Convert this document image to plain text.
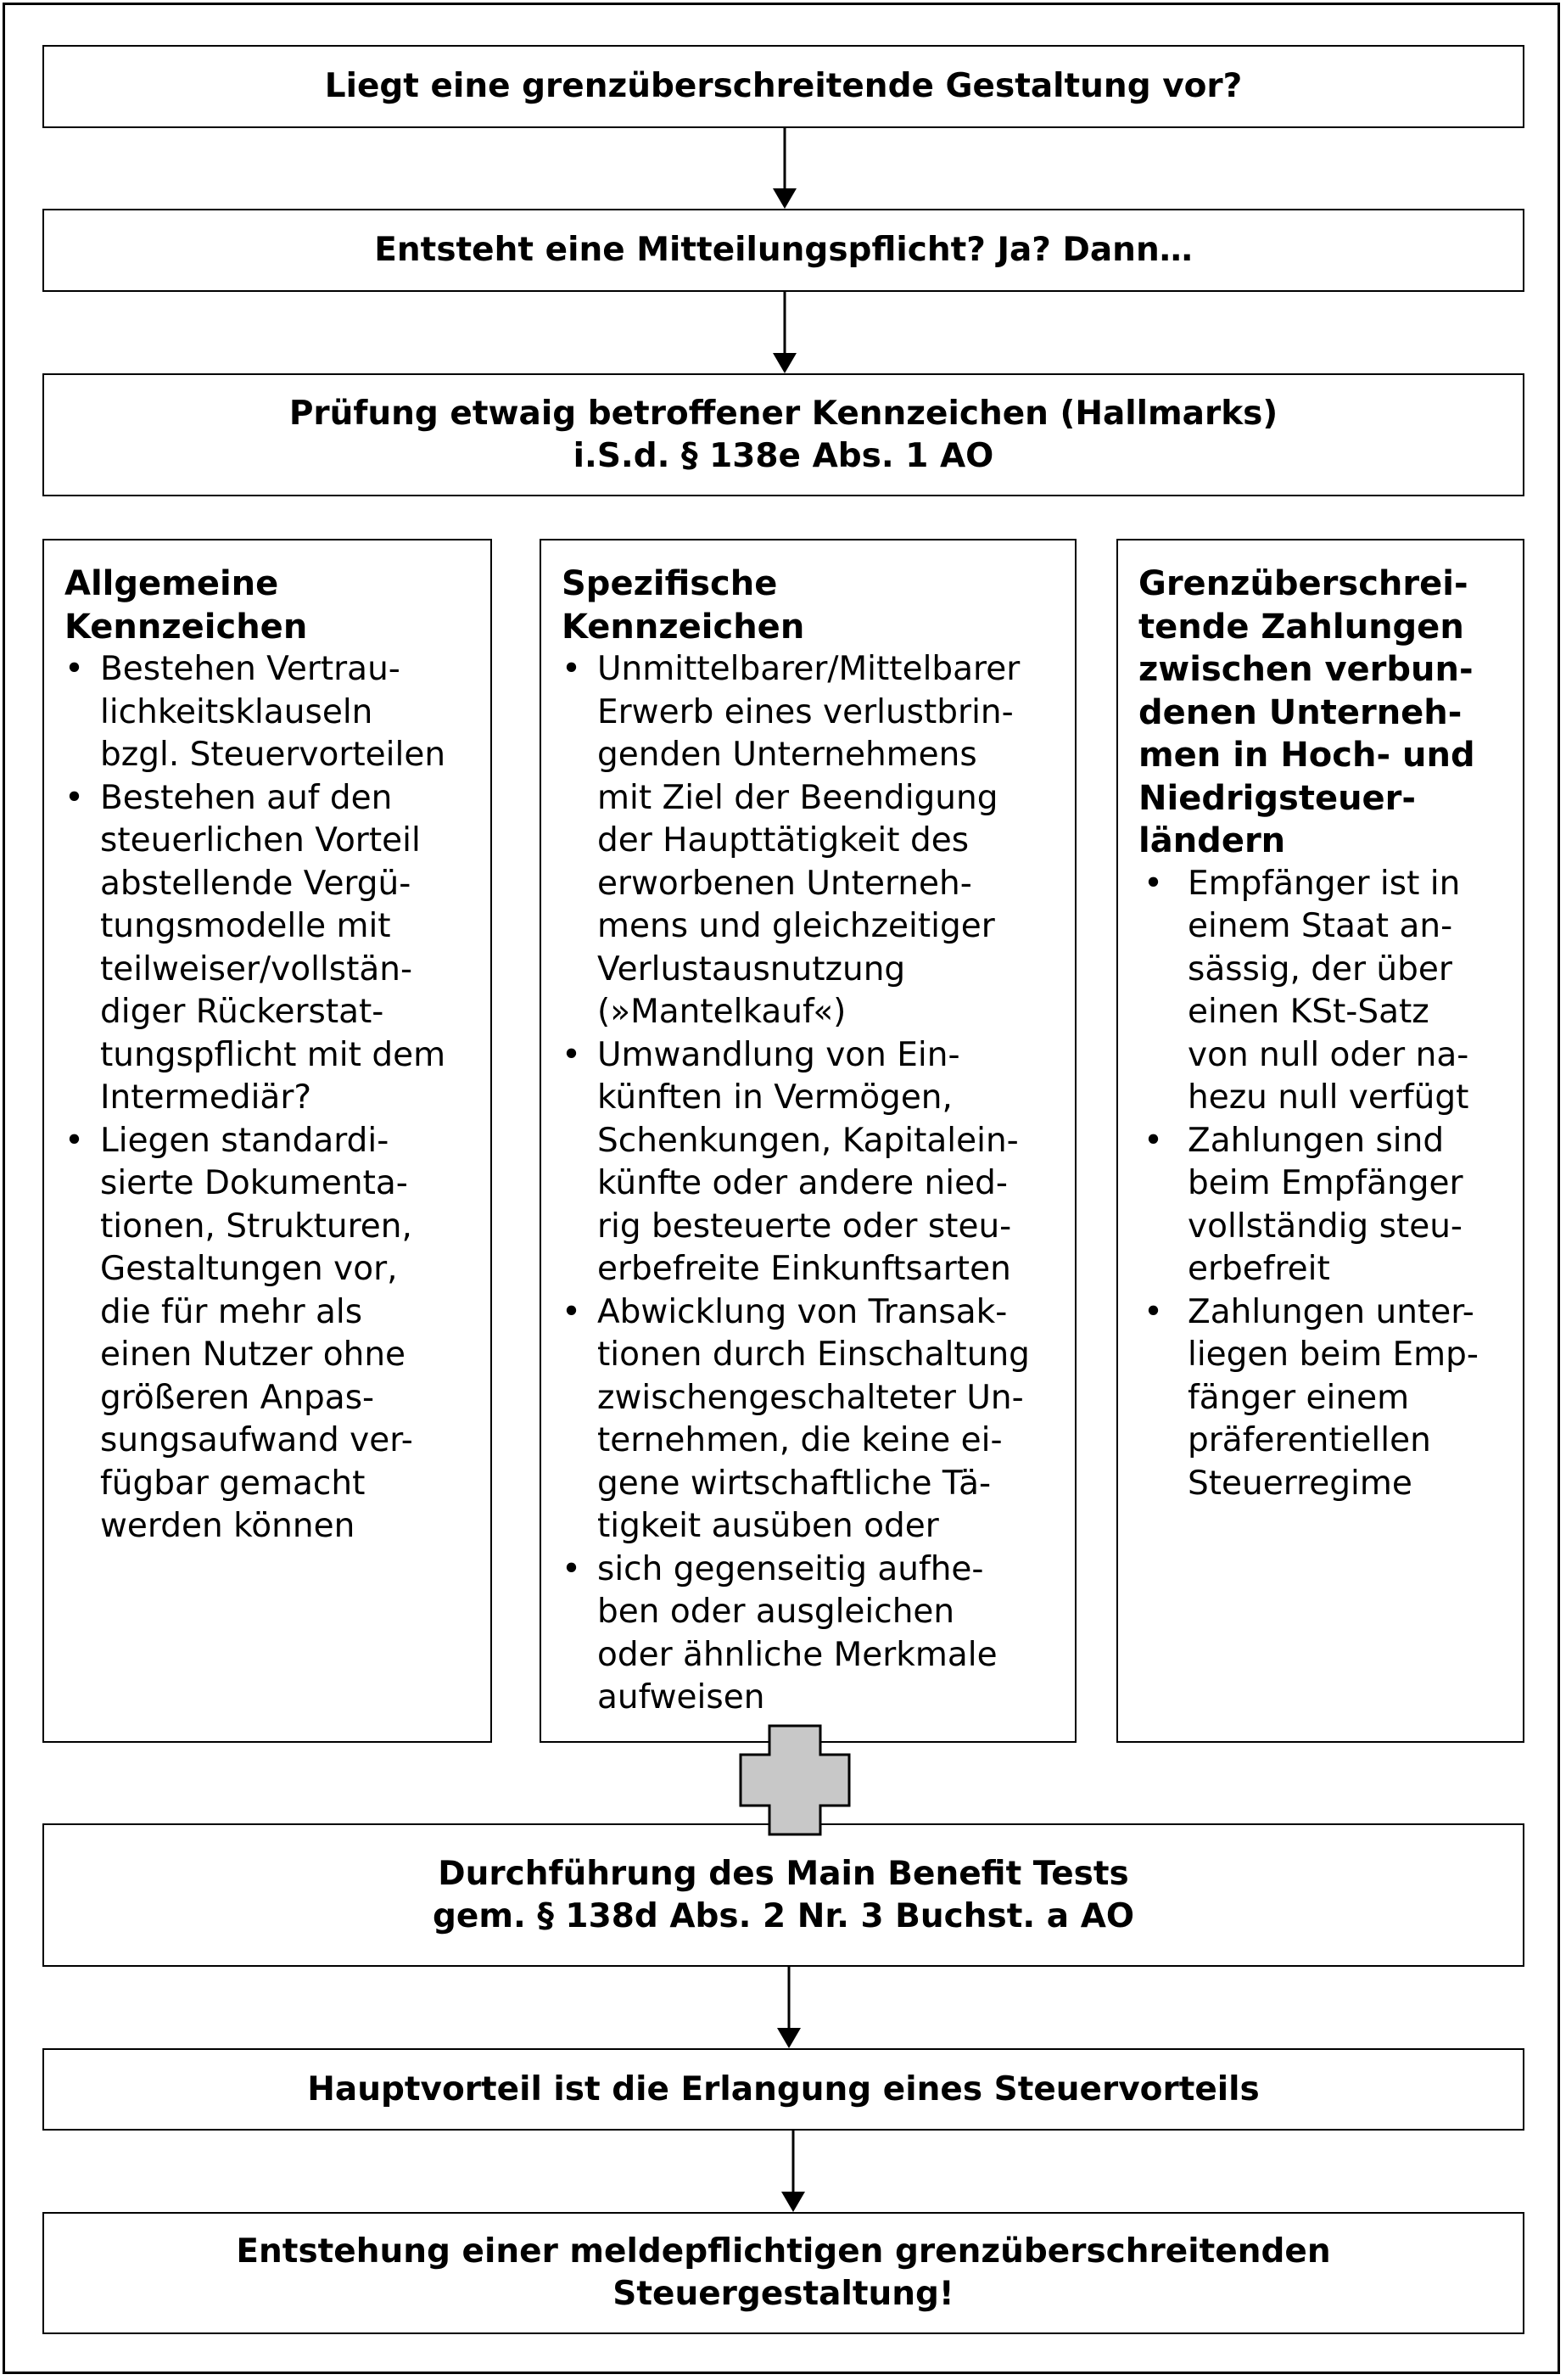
Liegt eine grenzüberschreitende Gestaltung vor?
Entsteht eine Mitteilungspflicht? Ja? Dann…
Prüfung etwaig betroffener Kennzeichen (Hallmarks)
i.S.d. § 138e Abs. 1 AO
Allgemeine
Kennzeichen
• Bestehen Vertrau-
lichkeitsklauseln
bzgl. Steuervorteilen
• Bestehen auf den
steuerlichen Vorteil
abstellende Vergü-
tungsmodelle mit
teilweiser/vollstän-
diger Rückerstat-
tungspflicht mit dem
Intermediär?
• Liegen standardi-
sierte Dokumenta-
tionen, Strukturen,
Gestaltungen vor,
die für mehr als
einen Nutzer ohne
größeren Anpas-
sungsaufwand ver-
fügbar gemacht
werden können
Spezifische
Kennzeichen
• Unmittelbarer/Mittelbarer
Erwerb eines verlustbrin-
genden Unternehmens
mit Ziel der Beendigung
der Haupttätigkeit des
erworbenen Unterneh-
mens und gleichzeitiger
Verlustausnutzung
(»Mantelkauf«)
• Umwandlung von Ein-
künften in Vermögen,
Schenkungen, Kapitalein-
künfte oder andere nied-
rig besteuerte oder steu-
erbefreite Einkunftsarten
• Abwicklung von Transak-
tionen durch Einschaltung
zwischengeschalteter Un-
ternehmen, die keine ei-
gene wirtschaftliche Tä-
tigkeit ausüben oder
• sich gegenseitig aufhe-
ben oder ausgleichen
oder ähnliche Merkmale
aufweisen
Grenzüberschrei-
tende Zahlungen
zwischen verbun-
denen Unterneh-
men in Hoch- und
Niedrigsteuer-
ländern
• Empfänger ist in
einem Staat an-
sässig, der über
einen KSt-Satz
von null oder na-
hezu null verfügt
• Zahlungen sind
beim Empfänger
vollständig steu-
erbefreit
• Zahlungen unter-
liegen beim Emp-
fänger einem
präferentiellen
Steuerregime
Durchführung des Main Benefit Tests
gem. § 138d Abs. 2 Nr. 3 Buchst. a AO
Hauptvorteil ist die Erlangung eines Steuervorteils
Entstehung einer meldepflichtigen grenzüberschreitenden
Steuergestaltung!
